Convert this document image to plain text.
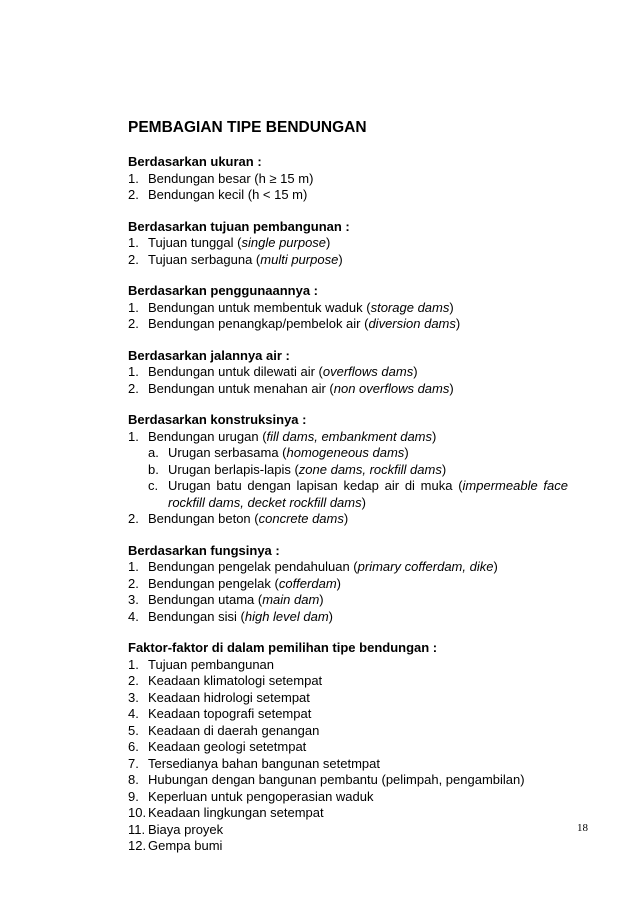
PEMBAGIAN TIPE BENDUNGAN
Berdasarkan ukuran :
1. Bendungan besar (h ≥ 15 m)
2. Bendungan kecil (h < 15 m)
Berdasarkan tujuan pembangunan :
1. Tujuan tunggal (single purpose)
2. Tujuan serbaguna (multi purpose)
Berdasarkan penggunaannya :
1. Bendungan untuk membentuk waduk (storage dams)
2. Bendungan penangkap/pembelok air (diversion dams)
Berdasarkan jalannya air :
1. Bendungan untuk dilewati air (overflows dams)
2. Bendungan untuk menahan air (non overflows dams)
Berdasarkan konstruksinya :
1. Bendungan urugan (fill dams, embankment dams)
a. Urugan serbasama (homogeneous dams)
b. Urugan berlapis-lapis (zone dams, rockfill dams)
c. Urugan batu dengan lapisan kedap air di muka (impermeable face rockfill dams, decket rockfill dams)
2. Bendungan beton (concrete dams)
Berdasarkan fungsinya :
1. Bendungan pengelak pendahuluan (primary cofferdam, dike)
2. Bendungan pengelak (cofferdam)
3. Bendungan utama (main dam)
4. Bendungan sisi (high level dam)
Faktor-faktor di dalam pemilihan tipe bendungan :
1. Tujuan pembangunan
2. Keadaan klimatologi setempat
3. Keadaan hidrologi setempat
4. Keadaan topografi setempat
5. Keadaan di daerah genangan
6. Keadaan geologi setetmpat
7. Tersedianya bahan bangunan setetmpat
8. Hubungan dengan bangunan pembantu (pelimpah, pengambilan)
9. Keperluan untuk pengoperasian waduk
10. Keadaan lingkungan setempat
11. Biaya proyek
12. Gempa bumi
18
